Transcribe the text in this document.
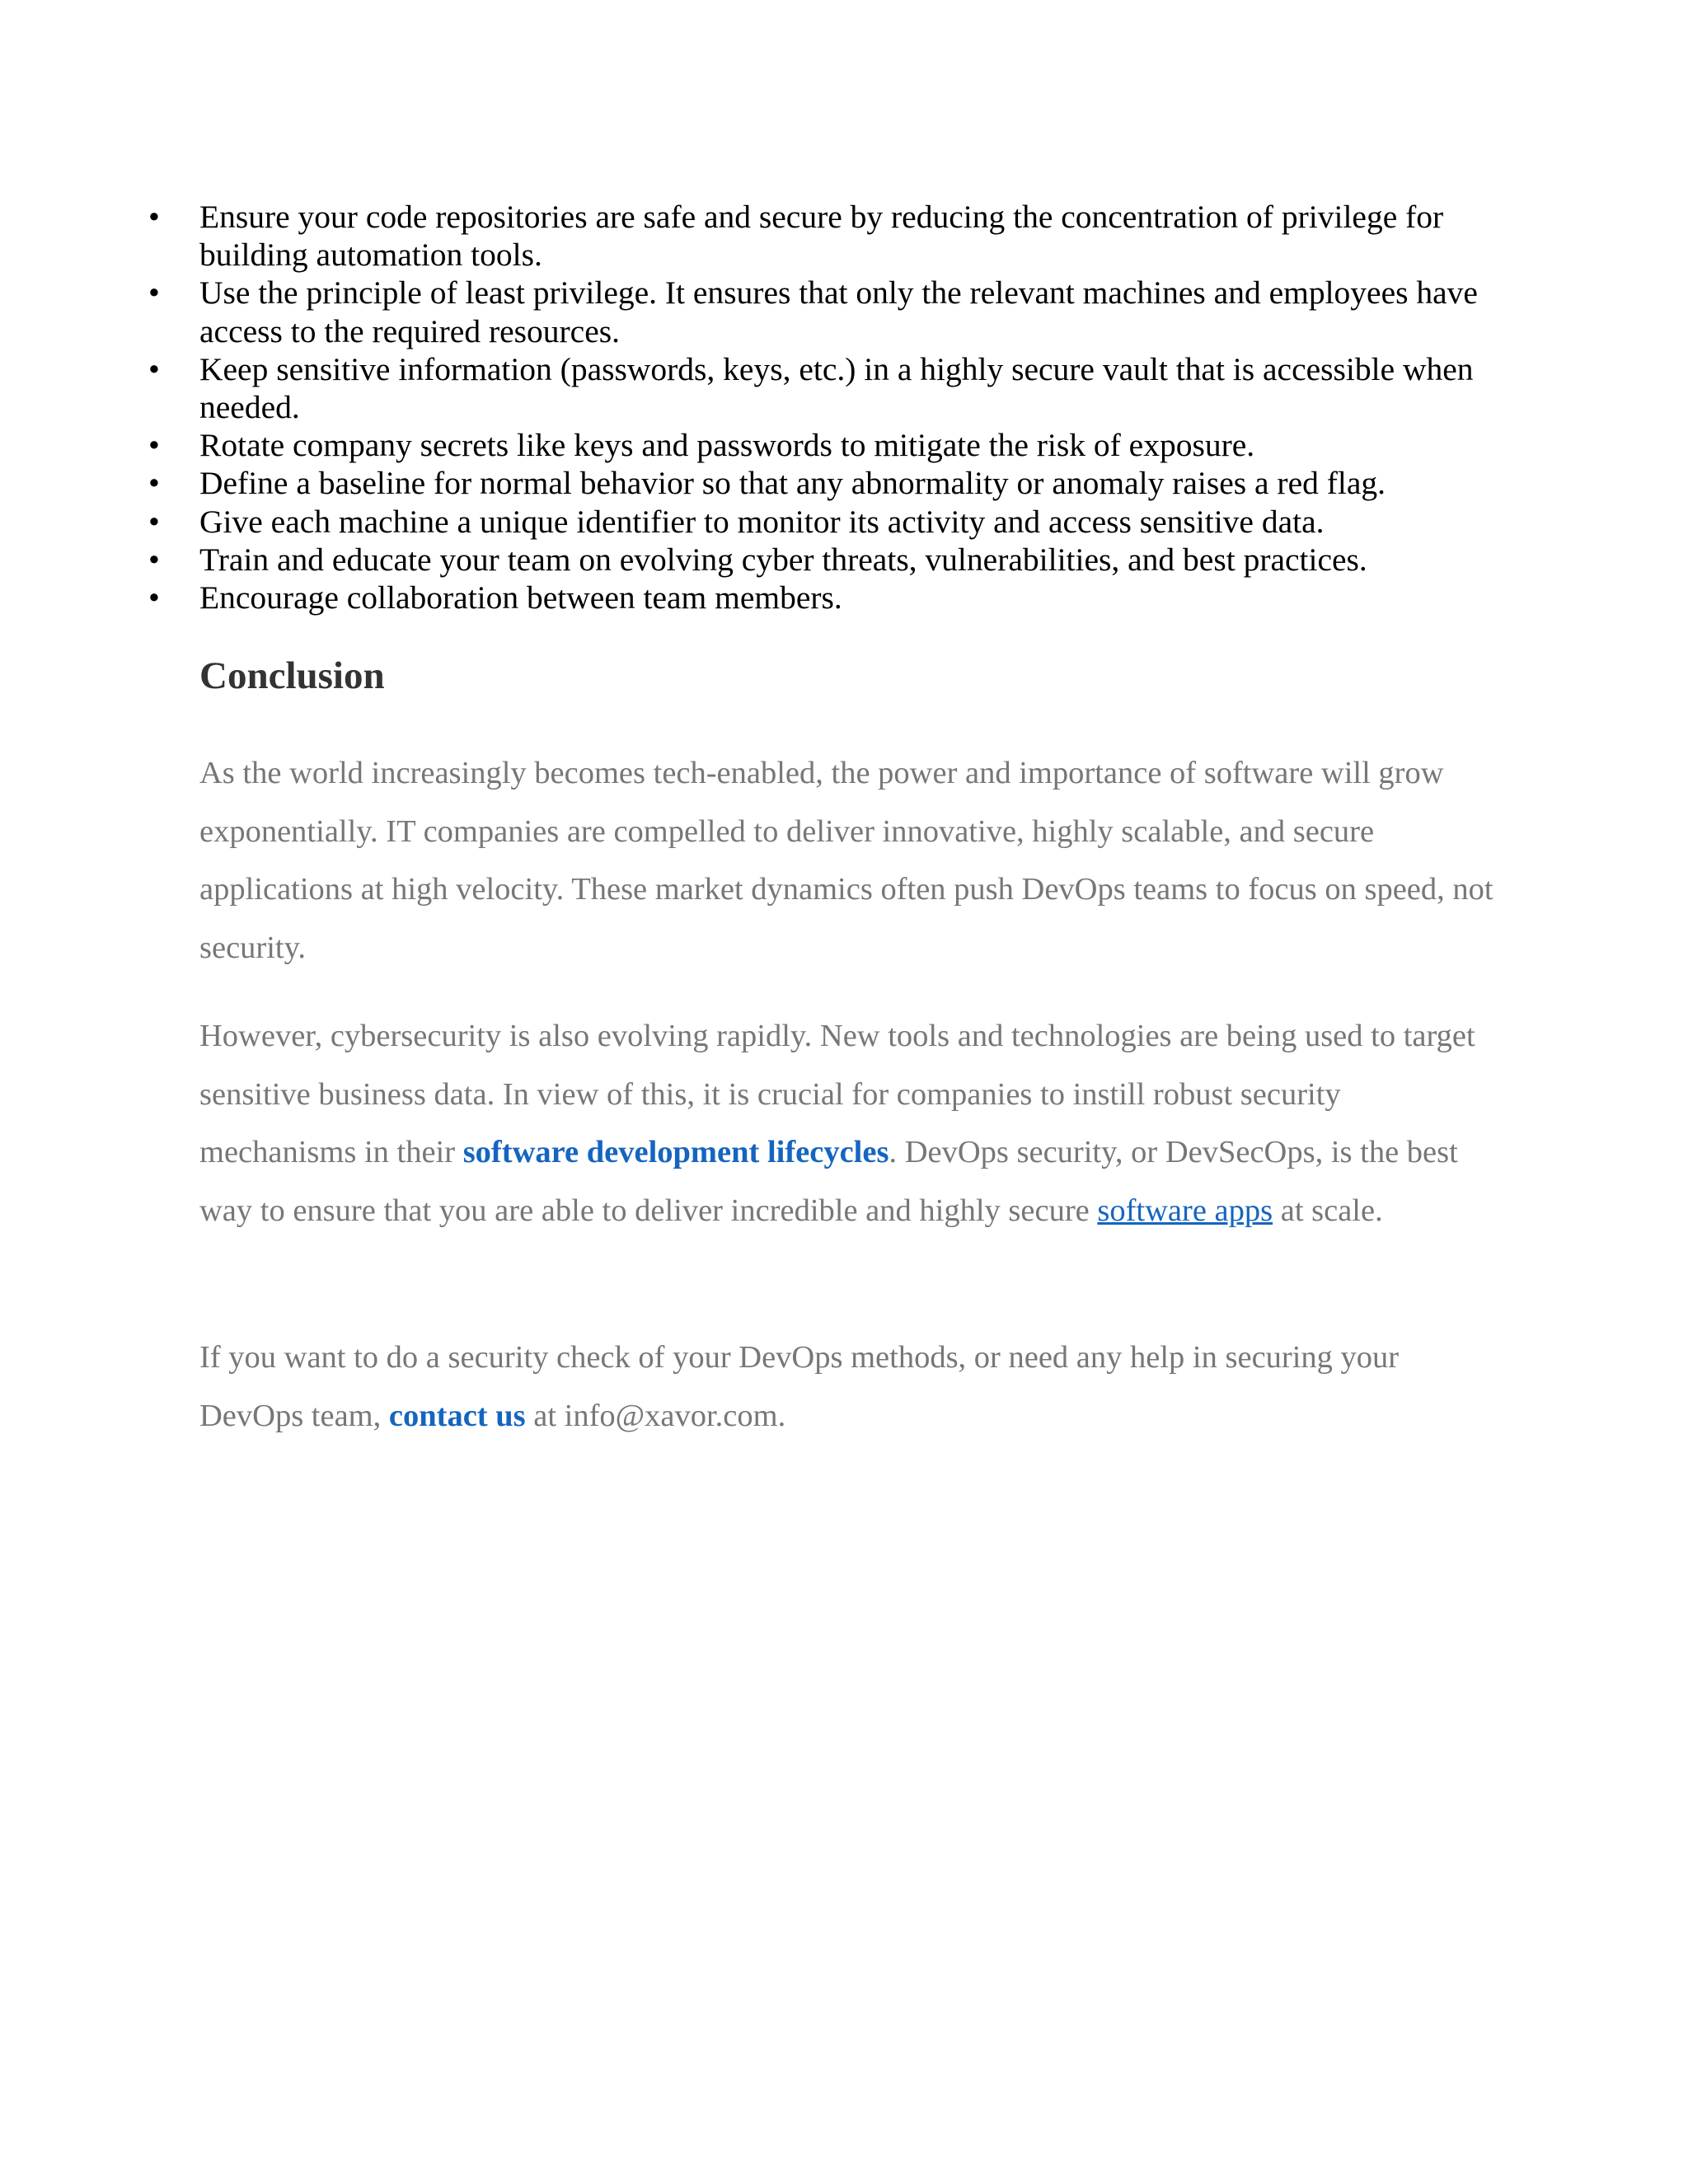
• Ensure your code repositories are safe and secure by reducing the concentration of privilege for building automation tools.
• Use the principle of least privilege. It ensures that only the relevant machines and employees have access to the required resources.
• Keep sensitive information (passwords, keys, etc.) in a highly secure vault that is accessible when needed.
• Rotate company secrets like keys and passwords to mitigate the risk of exposure.
• Define a baseline for normal behavior so that any abnormality or anomaly raises a red flag.
• Give each machine a unique identifier to monitor its activity and access sensitive data.
• Train and educate your team on evolving cyber threats, vulnerabilities, and best practices.
• Encourage collaboration between team members.
Conclusion

As the world increasingly becomes tech-enabled, the power and importance of software will grow exponentially. IT companies are compelled to deliver innovative, highly scalable, and secure applications at high velocity. These market dynamics often push DevOps teams to focus on speed, not security.

However, cybersecurity is also evolving rapidly. New tools and technologies are being used to target sensitive business data. In view of this, it is crucial for companies to instill robust security mechanisms in their software development lifecycles. DevOps security, or DevSecOps, is the best way to ensure that you are able to deliver incredible and highly secure software apps at scale.

If you want to do a security check of your DevOps methods, or need any help in securing your DevOps team, contact us at info@xavor.com.
